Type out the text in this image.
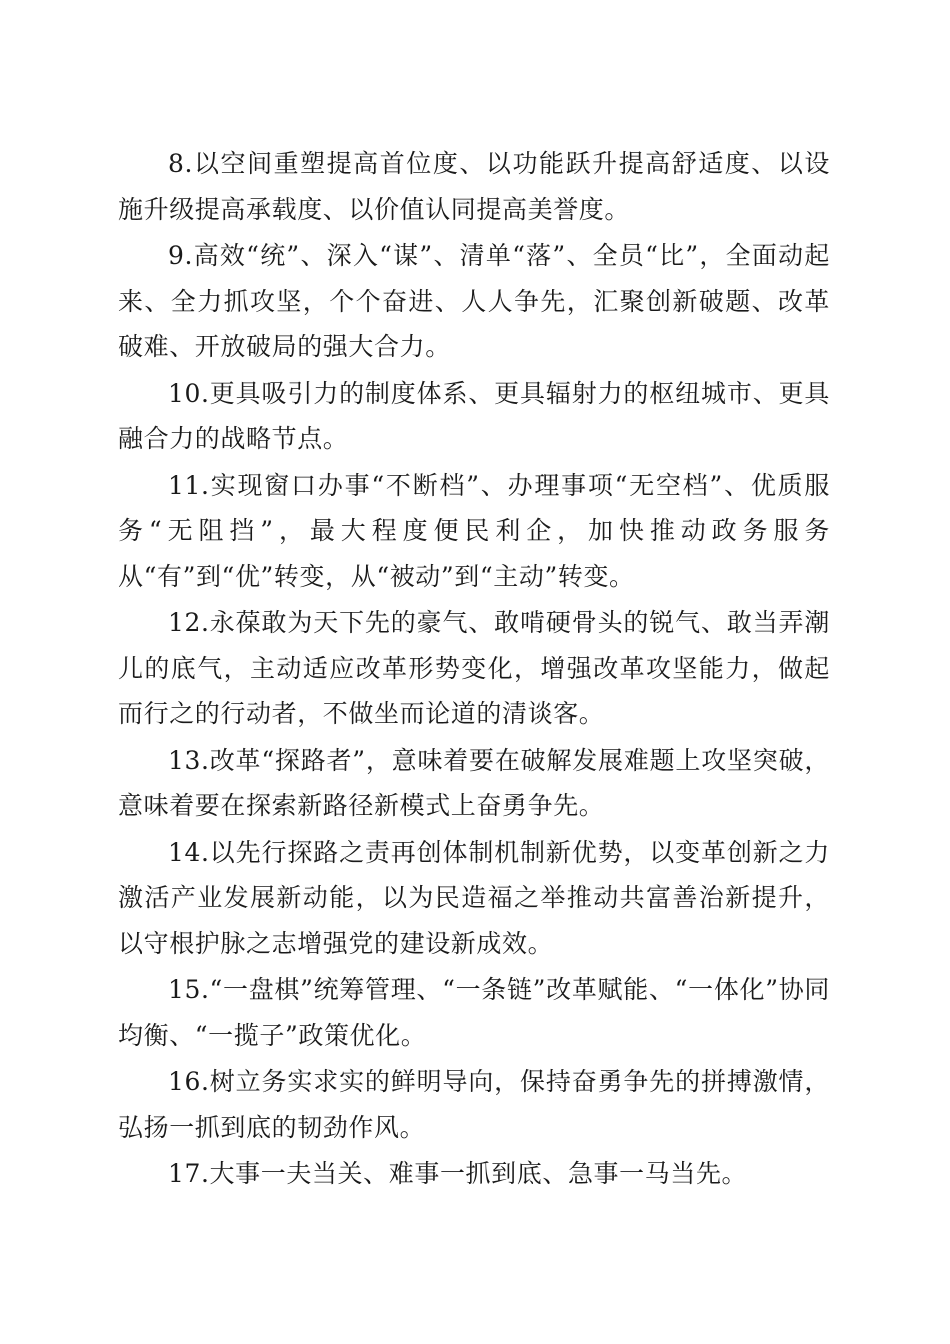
8.以空间重塑提高首位度、以功能跃升提高舒适度、以设施升级提高承载度、以价值认同提高美誉度。

9.高效“统”、深入“谋”、清单“落”、全员“比”，全面动起来、全力抓攻坚，个个奋进、人人争先，汇聚创新破题、改革破难、开放破局的强大合力。

10.更具吸引力的制度体系、更具辐射力的枢纽城市、更具融合力的战略节点。

11.实现窗口办事“不断档”、办理事项“无空档”、优质服务“无阻挡”，最大程度便民利企，加快推动政务服务从“有”到“优”转变，从“被动”到“主动”转变。

12.永葆敢为天下先的豪气、敢啃硬骨头的锐气、敢当弄潮儿的底气，主动适应改革形势变化，增强改革攻坚能力，做起而行之的行动者，不做坐而论道的清谈客。

13.改革“探路者”，意味着要在破解发展难题上攻坚突破，意味着要在探索新路径新模式上奋勇争先。

14.以先行探路之责再创体制机制新优势，以变革创新之力激活产业发展新动能，以为民造福之举推动共富善治新提升，以守根护脉之志增强党的建设新成效。

15.“一盘棋”统筹管理、“一条链”改革赋能、“一体化”协同均衡、“一揽子”政策优化。

16.树立务实求实的鲜明导向，保持奋勇争先的拼搏激情，弘扬一抓到底的韧劲作风。

17.大事一夫当关、难事一抓到底、急事一马当先。
